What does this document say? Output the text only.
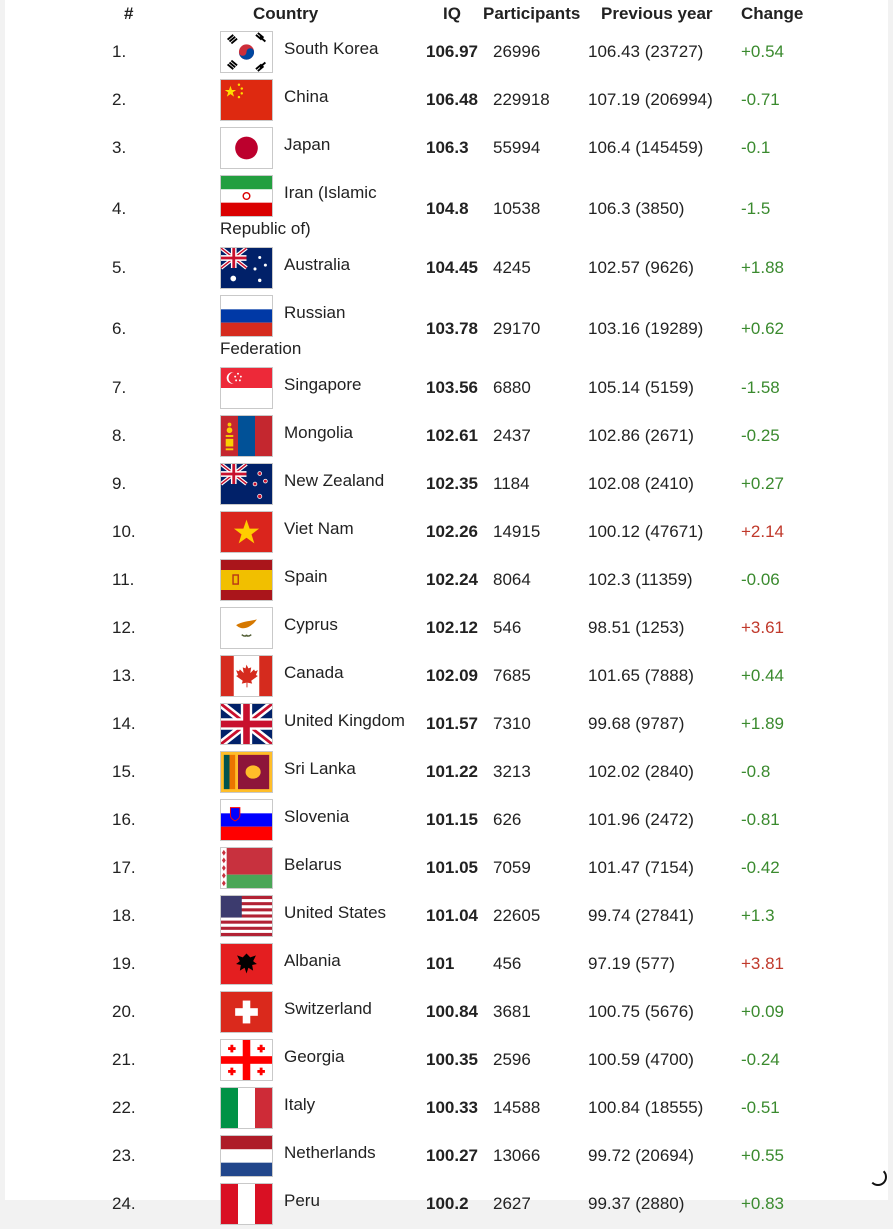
#	Country	IQ Participants Previous year Change
1.	South Korea	106.97 26996	106.43 (23727) +0.54
2.	China	106.48 229918 107.19 (206994) -0.71
3.	Japan	106.3 55994	106.4 (145459) -0.1
4.
Iran (Islamic
Republic of)
104.8 10538	106.3 (3850)	-1.5
5.	Australia	104.45 4245	102.57 (9626)	+1.88
6.
Russian
Federation
103.78 29170	103.16 (19289) +0.62
7.	Singapore	103.56 6880	105.14 (5159)	-1.58
8.	Mongolia	102.61 2437	102.86 (2671)	-0.25
9.	New Zealand 102.35 1184	102.08 (2410)	+0.27
10.	Viet Nam	102.26 14915	100.12 (47671) +2.14
11.	Spain	102.24 8064	102.3 (11359)	-0.06
12.	Cyprus	102.12 546	98.51 (1253)	+3.61
13.	Canada	102.09 7685	101.65 (7888)	+0.44
14.	United Kingdom 101.57 7310	99.68 (9787)	+1.89
15.	Sri Lanka	101.22 3213	102.02 (2840)	-0.8
16.	Slovenia	101.15 626	101.96 (2472)	-0.81
17.	Belarus	101.05 7059	101.47 (7154)	-0.42
18.	United States 101.04 22605	99.74 (27841)	+1.3
19.	Albania	101 456	97.19 (577)	+3.81
20.	Switzerland	100.84 3681	100.75 (5676)	+0.09
21.	Georgia	100.35 2596	100.59 (4700)	-0.24
22.	Italy	100.33 14588	100.84 (18555) -0.51
23.	Netherlands	100.27 13066	99.72 (20694)	+0.55
24.	Peru	100.2 2627	99.37 (2880)	+0.83
